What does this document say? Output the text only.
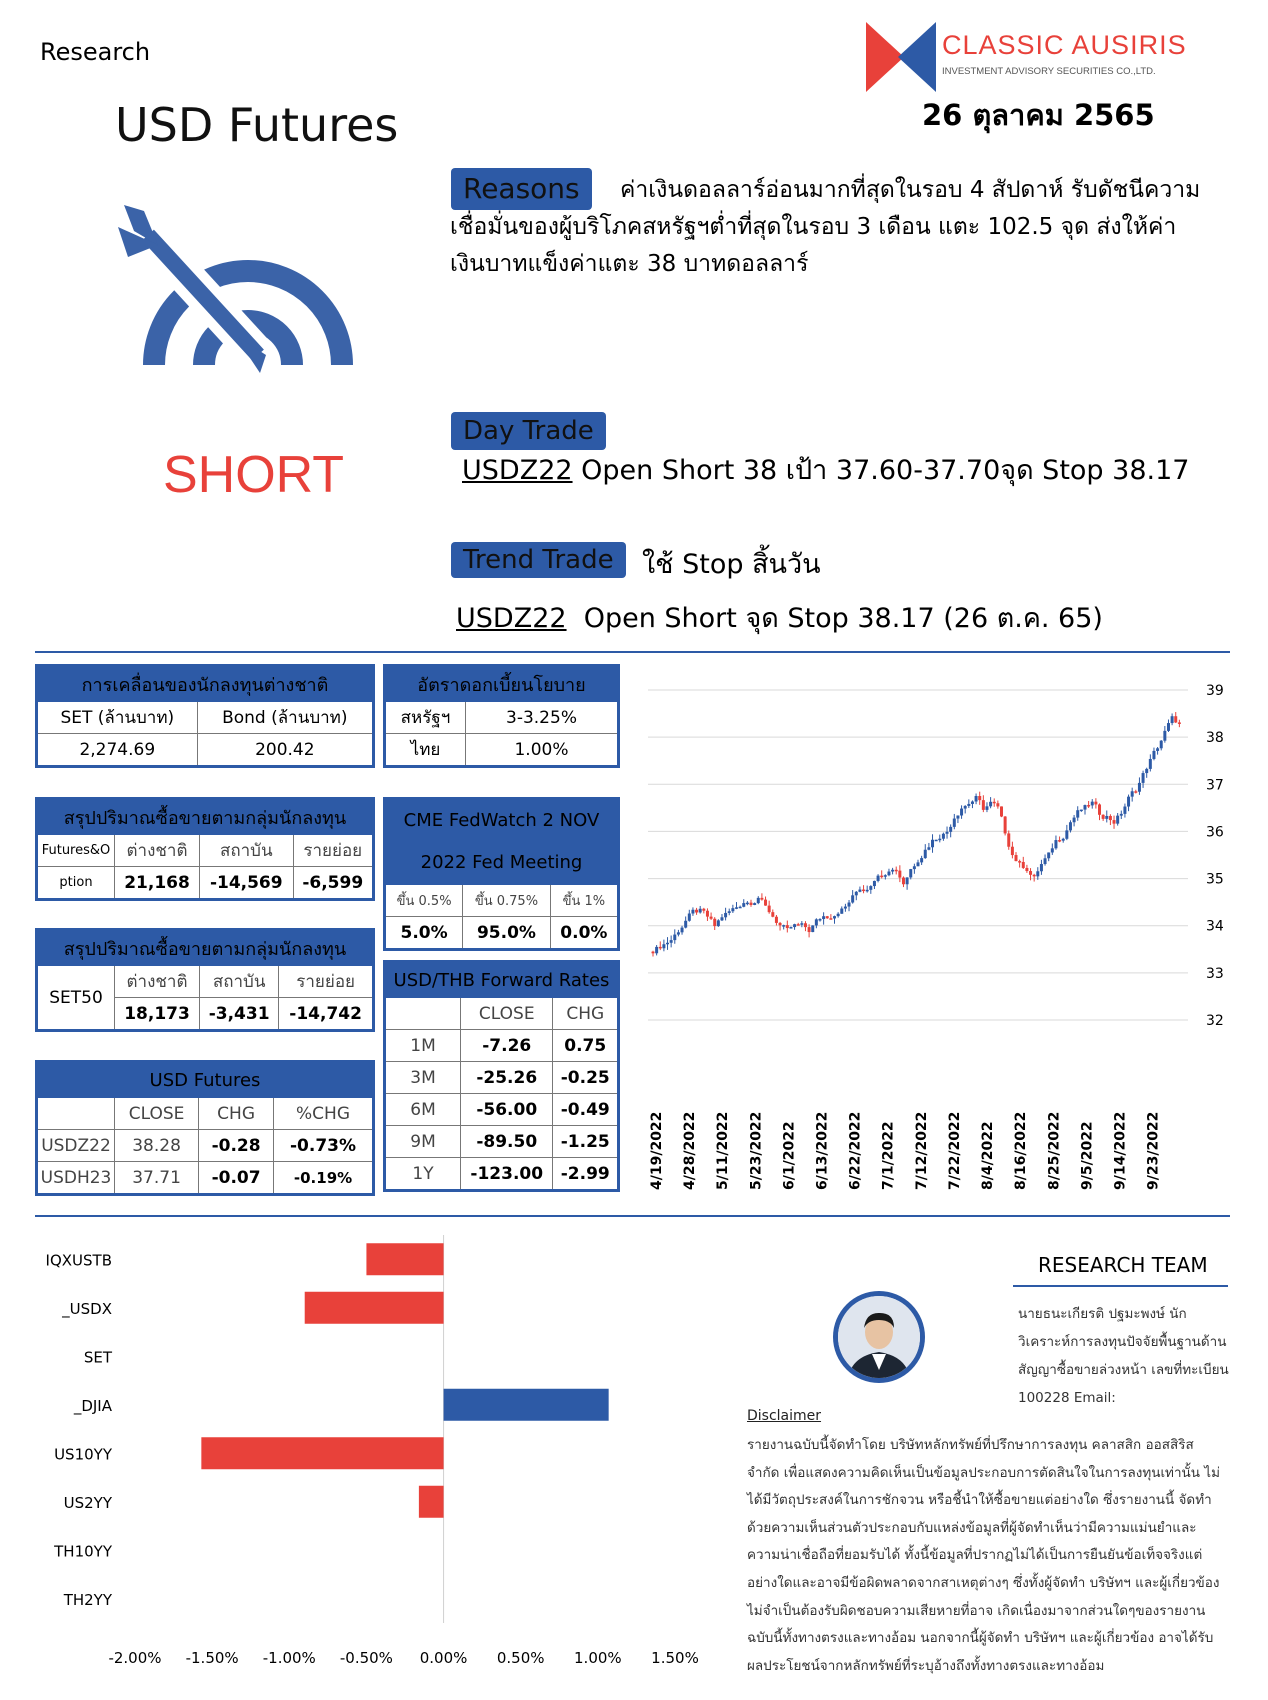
Research
USD Futures
CLASSIC AUSIRIS
INVESTMENT ADVISORY SECURITIES CO.,LTD.
26 ตุลาคม 2565
SHORT
ค่าเงินดอลลาร์อ่อนมากที่สุดในรอบ 4 สัปดาห์ รับดัชนีความเชื่อมั่นของผู้บริโภคสหรัฐฯต่ำที่สุดในรอบ 3 เดือน แตะ 102.5 จุด ส่งให้ค่าเงินบาทแข็งค่าแตะ 38 บาทดอลลาร์
Reasons
Day Trade
USDZ22 Open Short 38 เป้า 37.60-37.70จุด Stop 38.17
Trend Trade	ใช้ Stop สิ้นวัน
USDZ22  Open Short จุด Stop 38.17 (26 ต.ค. 65)
การเคลื่อนของนักลงทุนต่างชาติ	
SET (ล้านบาท)	Bond (ล้านบาท)
2,274.69	200.42
อัตราดอกเบี้ยนโยบาย	
สหรัฐฯ	3-3.25%
ไทย	1.00%
สรุปปริมาณซื้อขายตามกลุ่มนักลงทุน			
Futures&O	ต่างชาติ	สถาบัน	รายย่อย
ption	21,168	-14,569	-6,599
CME FedWatch 2 NOV
2022 Fed Meeting		
ขึ้น 0.5%	ขึ้น 0.75%	ขึ้น 1%
5.0%	95.0%	0.0%
สรุปปริมาณซื้อขายตามกลุ่มนักลงทุน			
SET50	ต่างชาติ	สถาบัน	รายย่อย
	18,173	-3,431	-14,742
USD/THB Forward Rates		
	CLOSE	CHG
1M	-7.26	0.75
3M	-25.26	-0.25
6M	-56.00	-0.49
9M	-89.50	-1.25
1Y	-123.00	-2.99
USD Futures			
	CLOSE	CHG	%CHG
USDZ22	38.28	-0.28	-0.73%
USDH23	37.71	-0.07	-0.19%
32
33
34
35
36
37
38
39
4/19/2022 4/28/2022 5/11/2022 5/23/2022 6/1/2022 6/13/2022 6/22/2022 7/1/2022 7/12/2022 7/22/2022 8/4/2022 8/16/2022 8/25/2022 9/5/2022 9/14/2022 9/23/2022
IQXUSTB
_USDX
SET
_DJIA
US10YY
US2YY
TH10YY
TH2YY
-2.00% -1.50% -1.00% -0.50% 0.00% 0.50% 1.00% 1.50%
RESEARCH TEAM
นายธนะเกียรติ ปฐมะพงษ์ นักวิเคราะห์การลงทุนปัจจัยพื้นฐานด้านสัญญาซื้อขายล่วงหน้า เลขที่ทะเบียน 100228 Email:
Disclaimer
รายงานฉบับนี้จัดทำโดย บริษัทหลักทรัพย์ที่ปรึกษาการลงทุน คลาสสิก ออสสิริส จำกัด เพื่อแสดงความคิดเห็นเป็นข้อมูลประกอบการตัดสินใจในการลงทุนเท่านั้น ไม่ได้มีวัตถุประสงค์ในการชักจวน หรือชี้นำให้ซื้อขายแต่อย่างใด ซึ่งรายงานนี้ จัดทำด้วยความเห็นส่วนตัวประกอบกับแหล่งข้อมูลที่ผู้จัดทำเห็นว่ามีความแม่นยำและความน่าเชื่อถือที่ยอมรับได้ ทั้งนี้ข้อมูลที่ปรากฏไม่ได้เป็นการยืนยันข้อเท็จจริงแต่อย่างใดและอาจมีข้อผิดพลาดจากสาเหตุต่างๆ ซึ่งทั้งผู้จัดทำ บริษัทฯ และผู้เกี่ยวข้องไม่จำเป็นต้องรับผิดชอบความเสียหายที่อาจ เกิดเนื่องมาจากส่วนใดๆของรายงานฉบับนี้ทั้งทางตรงและทางอ้อม นอกจากนี้ผู้จัดทำ บริษัทฯ และผู้เกี่ยวข้อง อาจได้รับผลประโยชน์จากหลักทรัพย์ที่ระบุอ้างถึงทั้งทางตรงและทางอ้อม
